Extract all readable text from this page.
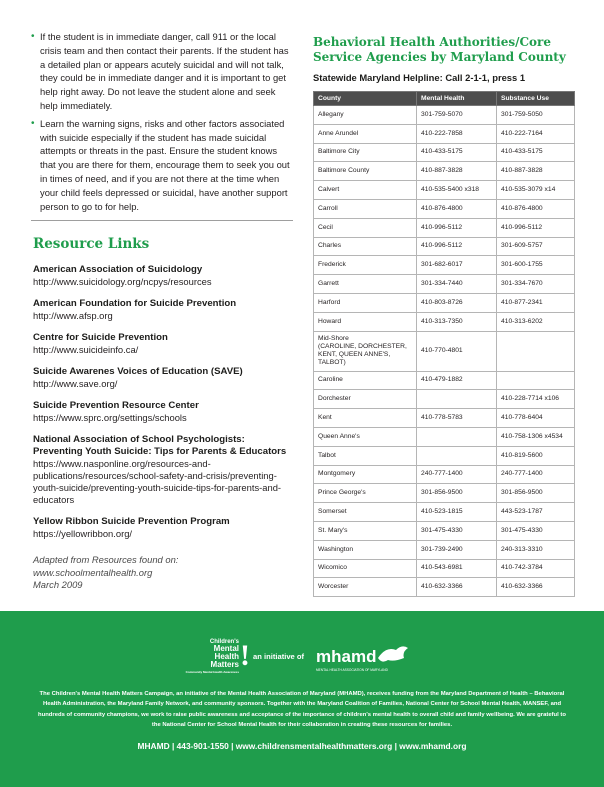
• If the student is in immediate danger, call 911 or the local crisis team and then contact their parents. If the student has a detailed plan or appears acutely suicidal and will not talk, they could be in immediate danger and it is important to get help right away. Do not leave the student alone and seek help immediately.
• Learn the warning signs, risks and other factors associated with suicide especially if the student has made suicidal attempts or threats in the past. Ensure the student knows that you are there for them, encourage them to seek you out in times of need, and if you are not there at the time when your child feels depressed or suicidal, have another support person to go to for help.
Resource Links
American Association of Suicidology
http://www.suicidology.org/ncpys/resources
American Foundation for Suicide Prevention
http://www.afsp.org
Centre for Suicide Prevention
http://www.suicideinfo.ca/
Suicide Awarenes Voices of Education (SAVE)
http://www.save.org/
Suicide Prevention Resource Center
https://www.sprc.org/settings/schools
National Association of School Psychologists: Preventing Youth Suicide: Tips for Parents & Educators
https://www.nasponline.org/resources-and-publications/resources/school-safety-and-crisis/preventing-youth-suicide/preventing-youth-suicide-tips-for-parents-and-educators
Yellow Ribbon Suicide Prevention Program
https://yellowribbon.org/
Adapted from Resources found on:
www.schoolmentalhealth.org
March 2009
Behavioral Health Authorities/Core
Service Agencies by Maryland County
Statewide Maryland Helpline: Call 2-1-1, press 1
County	Mental Health	Substance Use
Allegany	301-759-5070	301-759-5050
Anne Arundel	410-222-7858	410-222-7164
Baltimore City	410-433-5175	410-433-5175
Baltimore County	410-887-3828	410-887-3828
Calvert	410-535-5400 x318	410-535-3079 x14
Carroll	410-876-4800	410-876-4800
Cecil	410-996-5112	410-996-5112
Charles	410-996-5112	301-609-5757
Frederick	301-682-6017	301-600-1755
Garrett	301-334-7440	301-334-7670
Harford	410-803-8726	410-877-2341
Howard	410-313-7350	410-313-6202
Mid-Shore
(CAROLINE, DORCHESTER,
KENT, QUEEN ANNE'S,
TALBOT)	410-770-4801	
Caroline	410-479-1882	
Dorchester		410-228-7714 x106
Kent	410-778-5783	410-778-6404
Queen Anne's		410-758-1306 x4534
Talbot		410-819-5600
Montgomery	240-777-1400	240-777-1400
Prince George's	301-856-9500	301-856-9500
Somerset	410-523-1815	443-523-1787
St. Mary's	301-475-4330	301-475-4330
Washington	301-739-2490	240-313-3310
Wicomico	410-543-6981	410-742-3784
Worcester	410-632-3366	410-632-3366
Children's
Mental
Health
Matters
Community Mental Health Awareness ! an initiative of mhamd
MENTAL HEALTH ASSOCIATION OF MARYLAND
The Children's Mental Health Matters Campaign, an initiative of the Mental Health Association of Maryland (MHAMD), receives funding from the Maryland Department of Health – Behavioral Health Administration, the Maryland Family Network, and community sponsors. Together with the Maryland Coalition of Families, National Center for School Mental Health, MANSEF, and hundreds of community champions, we work to raise public awareness and acceptance of the importance of children's mental health to overall child and family wellbeing. We are grateful to the National Center for School Mental Health for their collaboration in creating these resources for families.
MHAMD | 443-901-1550 | www.childrensmentalhealthmatters.org | www.mhamd.org
